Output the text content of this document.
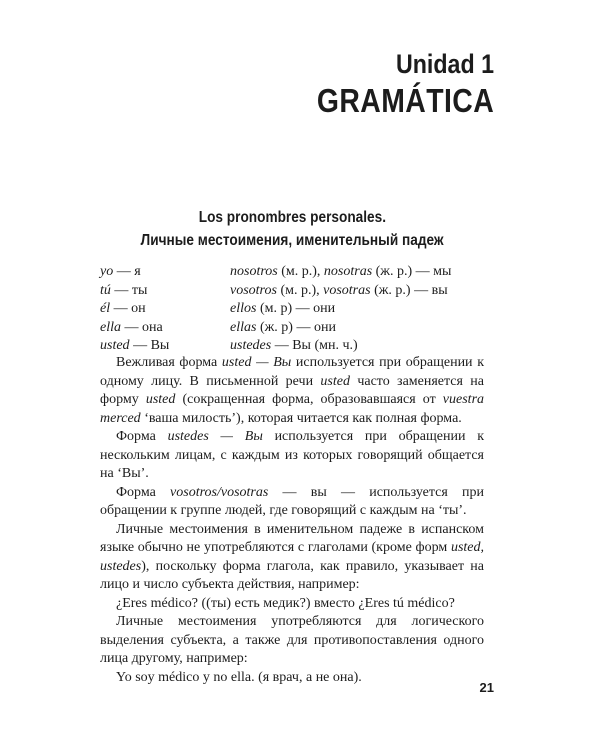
Unidad 1
GRAMÁTICA
Los pronombres personales.
Личные местоимения, именительный падеж
yo — я
tú — ты
él — он
ella — она
usted — Вы
nosotros (м. р.), nosotras (ж. р.) — мы
vosotros (м. р.), vosotras (ж. р.) — вы
ellos (м. р) — они
ellas (ж. р) — они
ustedes — Вы (мн. ч.)

Вежливая форма usted — Вы используется при обращении к одному лицу. В письменной речи usted часто заменяется на форму usted (сокращенная форма, образовавшаяся от vuestra merced ‘ваша милость’), которая читается как полная форма.

Форма ustedes — Вы используется при обращении к нескольким лицам, с каждым из которых говорящий общается на ‘Вы’.

Форма vosotros/vosotras — вы — используется при обращении к группе людей, где говорящий с каждым на ‘ты’.

Личные местоимения в именительном падеже в испанском языке обычно не употребляются с глаголами (кроме форм usted, ustedes), поскольку форма глагола, как правило, указывает на лицо и число субъекта действия, например:

¿Eres médico? ((ты) есть медик?) вместо ¿Eres tú médico?

Личные местоимения употребляются для логического выделения субъекта, а также для противопоставления одного лица другому, например:

Yo soy médico y no ella. (я врач, а не она).

21
